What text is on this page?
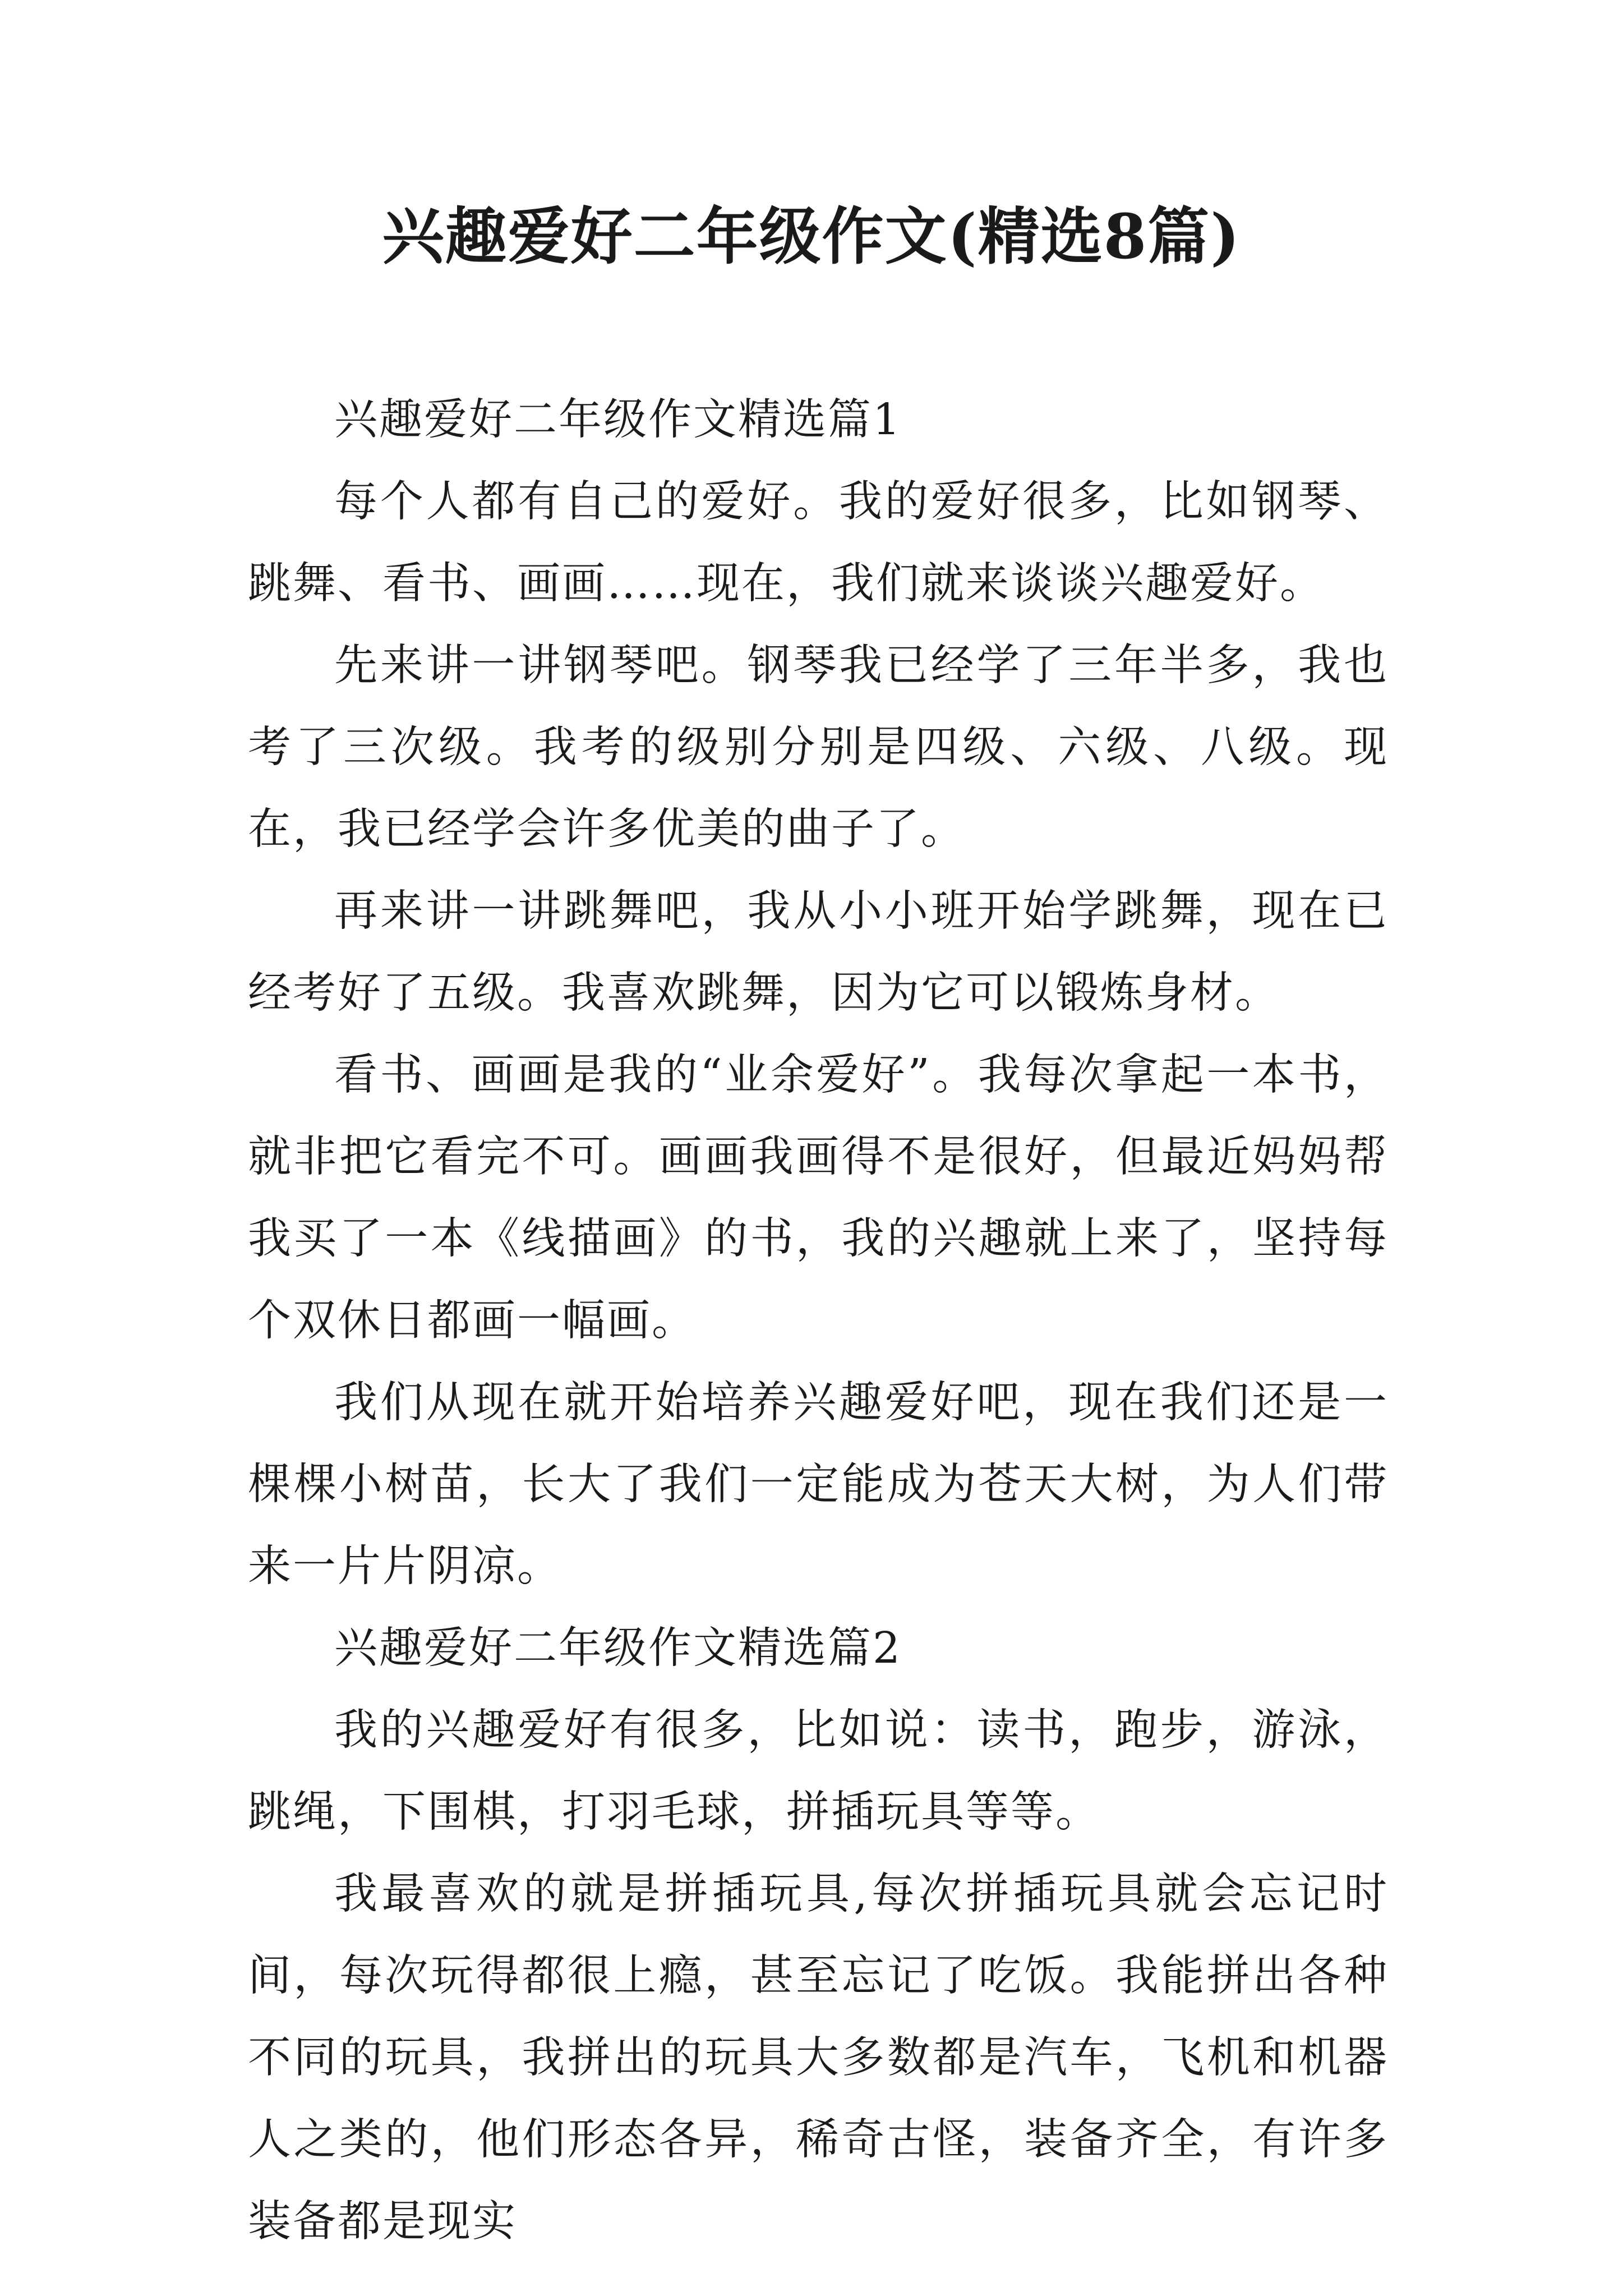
兴趣爱好二年级作文(精选8篇)

兴趣爱好二年级作文精选篇1

每个人都有自己的爱好。我的爱好很多，比如钢琴、跳舞、看书、画画……现在，我们就来谈谈兴趣爱好。

先来讲一讲钢琴吧。钢琴我已经学了三年半多，我也考了三次级。我考的级别分别是四级、六级、八级。现在，我已经学会许多优美的曲子了。

再来讲一讲跳舞吧，我从小小班开始学跳舞，现在已经考好了五级。我喜欢跳舞，因为它可以锻炼身材。

看书、画画是我的“业余爱好”。我每次拿起一本书，就非把它看完不可。画画我画得不是很好，但最近妈妈帮我买了一本《线描画》的书，我的兴趣就上来了，坚持每个双休日都画一幅画。

我们从现在就开始培养兴趣爱好吧，现在我们还是一棵棵小树苗，长大了我们一定能成为苍天大树，为人们带来一片片阴凉。

兴趣爱好二年级作文精选篇2

我的兴趣爱好有很多，比如说：读书，跑步，游泳，跳绳，下围棋，打羽毛球，拼插玩具等等。

我最喜欢的就是拼插玩具,每次拼插玩具就会忘记时间，每次玩得都很上瘾，甚至忘记了吃饭。我能拼出各种不同的玩具，我拼出的玩具大多数都是汽车，飞机和机器人之类的，他们形态各异，稀奇古怪，装备齐全，有许多装备都是现实
